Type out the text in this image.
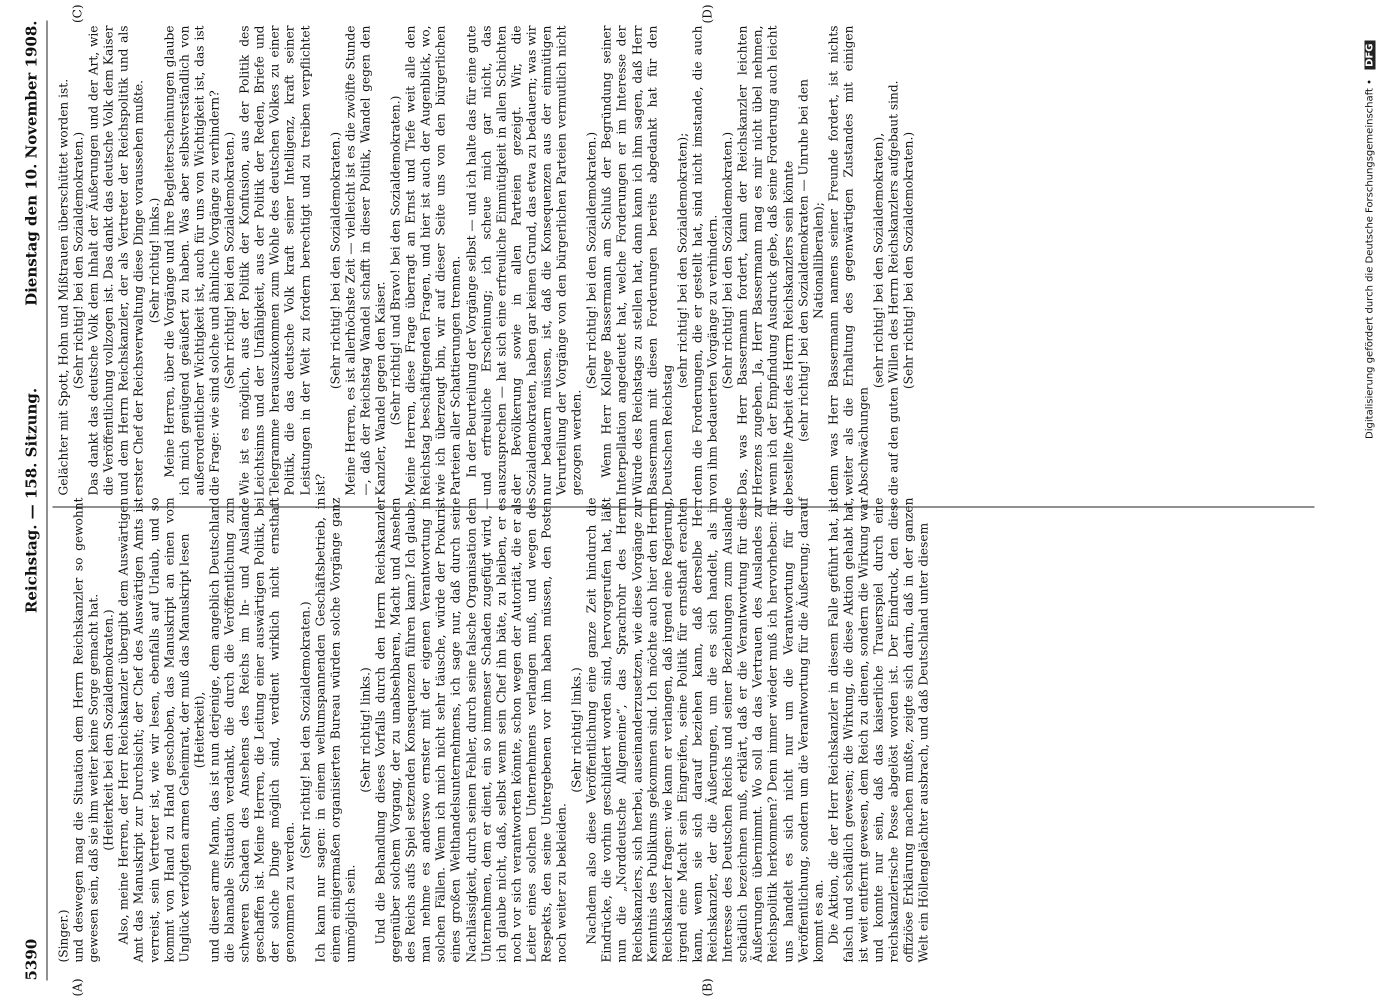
5390
Reichstag. — 158. Sitzung.
Dienstag den 10. November 1908.
(A)	(B)
(C)	(D)

(Singer.) und deswegen mag die Situation dem Herrn Reichskanzler so gewohnt gewesen sein, daß sie ihm weiter keine Sorge gemacht hat. (Heiterkeit bei den Sozialdemokraten.) Also, meine Herren, der Herr Reichskanzler übergibt dem Auswärtigen Amt das Manuskript zur Durchsicht; der Chef des Auswärtigen Amts ist verreist, sein Vertreter ist, wie wir lesen, ebenfalls auf Urlaub, und so kommt von Hand zu Hand geschoben, das Manuskript an einen vom Unglück verfolgten armen Geheimrat, der muß das Manuskript lesen (Heiterkeit), und dieser arme Mann, das ist nun derjenige, dem angeblich Deutschland die blamable Situation verdankt, die durch die Veröffentlichung zum schweren Schaden des Ansehens des Reichs im In- und Auslande geschaffen ist. Meine Herren, die Leitung einer auswärtigen Politik, bei der solche Dinge möglich sind, verdient wirklich nicht ernsthaft genommen zu werden.

(Sehr richtig! bei den Sozialdemokraten.) Ich kann nur sagen: in einem weltumspannenden Geschäftsbetrieb, in einem einigermaßen organisierten Bureau würden solche Vorgänge ganz unmöglich sein.

(Sehr richtig! links.) Und die Behandlung dieses Vorfalls durch den Herrn Reichskanzler gegenüber solchem Vorgang, der zu unabsehbaren, Macht und Ansehen des Reichs aufs Spiel setzenden Konsequenzen führen kann? Ich glaube, man nehme es anderswo ernster mit der eigenen Verantwortung in solchen Fällen. Wenn ich mich nicht sehr täusche, würde der Prokurist eines großen Welthandelsunternehmens, ich sage nur, daß durch seine Nachlässigkeit, durch seinen Fehler, durch seine falsche Organisation dem Unternehmen, dem er dient, ein so immenser Schaden zugefügt wird, — ich glaube nicht, daß, selbst wenn sein Chef ihn bäte, zu bleiben, er es noch vor sich verantworten könnte, schon wegen der Autorität, die er als Leiter eines solchen Unternehmens verlangen muß, und wegen des Respekts, den seine Untergebenen vor ihm haben müssen, den Posten noch weiter zu bekleiden.

(Sehr richtig! links.) Nachdem also diese Veröffentlichung eine ganze Zeit hindurch die Eindrücke, die vorhin geschildert worden sind, hervorgerufen hat, läßt nun die „Norddeutsche Allgemeine“, das Sprachrohr des Herrn Reichskanzlers, sich herbei, auseinanderzusetzen, wie diese Vorgänge zur Kenntnis des Publikums gekommen sind. Ich möchte auch hier den Herrn Reichskanzler fragen: wie kann er verlangen, daß irgend eine Regierung, irgend eine Macht sein Eingreifen, seine Politik für ernsthaft erachten kann, wenn sie sich darauf beziehen kann, daß derselbe Herr Reichskanzler, der die Äußerungen, um die es sich handelt, als im Interesse des Deutschen Reichs und seiner Beziehungen zum Auslande schädlich bezeichnen muß, erklärt, daß er die Verantwortung für diese Äußerungen übernimmt. Wo soll da das Vertrauen des Auslandes zur Reichspolitik herkommen? Denn immer wieder muß ich hervorheben: für uns handelt es sich nicht nur um die Verantwortung für die Veröffentlichung, sondern um die Verantwortung für die Äußerung; darauf kommt es an. Die Aktion, die der Herr Reichskanzler in diesem Falle geführt hat, ist falsch und schädlich gewesen; die Wirkung, die diese Aktion gehabt hat, ist weit entfernt gewesen, dem Reich zu dienen, sondern die Wirkung war und konnte nur sein, daß das kaiserliche Trauerspiel durch eine reichskanzlerische Posse abgelöst worden ist. Der Eindruck, den diese offiziöse Erklärung machen mußte, zeigte sich darin, daß in der ganzen Welt ein Höllengelächter ausbrach, und daß Deutschland unter diesem

Gelächter mit Spott, Hohn und Mißtrauen überschüttet worden ist. (Sehr richtig! bei den Sozialdemokraten.) Das dankt das deutsche Volk dem Inhalt der Äußerungen und der Art, wie die Veröffentlichung vollzogen ist. Das dankt das deutsche Volk dem Kaiser und dem Herrn Reichskanzler, der als Vertreter der Reichspolitik und als erster Chef der Reichsverwaltung diese Dinge voraussehen mußte. (Sehr richtig! links.) Meine Herren, über die Vorgänge und ihre Begleiterscheinungen glaube ich mich genügend geäußert zu haben. Was aber selbstverständlich von außerordentlicher Wichtigkeit ist, auch für uns von Wichtigkeit ist, das ist die Frage: wie sind solche und ähnliche Vorgänge zu verhindern? (Sehr richtig! bei den Sozialdemokraten.) Wie ist es möglich, aus der Politik der Konfusion, aus der Politik des Leichtsinns und der Unfähigkeit, aus der Politik der Reden, Briefe und Telegramme herauszukommen zum Wohle des deutschen Volkes zu einer Politik, die das deutsche Volk kraft seiner Intelligenz, kraft seiner Leistungen in der Welt zu fordern berechtigt und zu treiben verpflichtet ist?

(Sehr richtig! bei den Sozialdemokraten.) Meine Herren, es ist allerhöchste Zeit — vielleicht ist es die zwölfte Stunde —, daß der Reichstag Wandel schafft in dieser Politik, Wandel gegen den Kanzler, Wandel gegen den Kaiser. (Sehr richtig! und Bravo! bei den Sozialdemokraten.) Meine Herren, diese Frage überragt an Ernst und Tiefe weit alle den Reichstag beschäftigenden Fragen, und hier ist auch der Augenblick, wo, wie ich überzeugt bin, wir auf dieser Seite uns von den bürgerlichen Parteien aller Schattierungen trennen. In der Beurteilung der Vorgänge selbst — und ich halte das für eine gute und erfreuliche Erscheinung; ich scheue mich gar nicht, das auszusprechen — hat sich eine erfreuliche Einmütigkeit in allen Schichten der Bevölkerung sowie in allen Parteien gezeigt. Wir, die Sozialdemokraten, haben gar keinen Grund, das etwa zu bedauern; was wir nur bedauern müssen, ist, daß die Konsequenzen aus der einmütigen Verurteilung der Vorgänge von den bürgerlichen Parteien vermutlich nicht gezogen werden.

(Sehr richtig! bei den Sozialdemokraten.) Wenn Herr Kollege Bassermann am Schluß der Begründung seiner Interpellation angedeutet hat, welche Forderungen er im Interesse der Würde des Reichstags zu stellen hat, dann kann ich ihm sagen, daß Herr Bassermann mit diesen Forderungen bereits abgedankt hat für den Deutschen Reichstag

(sehr richtig! bei den Sozialdemokraten); denn die Forderungen, die er gestellt hat, sind nicht imstande, die auch von ihm bedauerten Vorgänge zu verhindern. (Sehr richtig! bei den Sozialdemokraten.) Das, was Herr Bassermann fordert, kann der Reichskanzler leichten Herzens zugeben. Ja, Herr Bassermann mag es mir nicht übel nehmen, wenn ich der Empfindung Ausdruck gebe, daß seine Forderung auch leicht bestellte Arbeit des Herrn Reichskanzlers sein könnte (sehr richtig! bei den Sozialdemokraten — Unruhe bei den Nationalliberalen); denn was Herr Bassermann namens seiner Freunde fordert, ist nichts weiter als die Erhaltung des gegenwärtigen Zustandes mit einigen Abschwächungen

(sehr richtig! bei den Sozialdemokraten), die auf den guten Willen des Herrn Reichskanzlers aufgebaut sind. (Sehr richtig! bei den Sozialdemokraten.)	Digitalisierung gefördert durch die Deutsche Forschungsgemeinschaft • DFG
